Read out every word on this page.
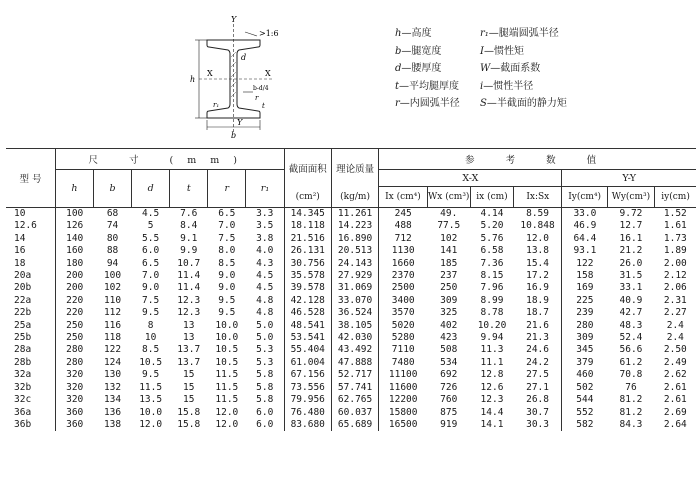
Y
>1:6
d
X	X
h
b-d/4
r
t
r₁
Y
b
h—高度
b—腿宽度
d—腰厚度
t—平均腿厚度
r—内圆弧半径
r₁—腿端圆弧半径
I—惯性矩
W—截面系数
i—惯性半径
S—半截面的静力矩
型 号	尺 寸 (mm)						截面面积	理论质量	参 考 数 值						
	h	b	d	t	r	r₁			X-X				Y-Y		
							(cm²)	(kg/m)	Ix (cm⁴)	Wx (cm³)	ix (cm)	Ix:Sx	Iy(cm⁴)	Wy(cm³)	iy(cm)
10	100	68	4.5	7.6	6.5	3.3	14.345	11.261	245	49.	4.14	8.59	33.0	9.72	1.52
12.6	126	74	5	8.4	7.0	3.5	18.118	14.223	488	77.5	5.20	10.848	46.9	12.7	1.61
14	140	80	5.5	9.1	7.5	3.8	21.516	16.890	712	102	5.76	12.0	64.4	16.1	1.73
16	160	88	6.0	9.9	8.0	4.0	26.131	20.513	1130	141	6.58	13.8	93.1	21.2	1.89
18	180	94	6.5	10.7	8.5	4.3	30.756	24.143	1660	185	7.36	15.4	122	26.0	2.00
20a	200	100	7.0	11.4	9.0	4.5	35.578	27.929	2370	237	8.15	17.2	158	31.5	2.12
20b	200	102	9.0	11.4	9.0	4.5	39.578	31.069	2500	250	7.96	16.9	169	33.1	2.06
22a	220	110	7.5	12.3	9.5	4.8	42.128	33.070	3400	309	8.99	18.9	225	40.9	2.31
22b	220	112	9.5	12.3	9.5	4.8	46.528	36.524	3570	325	8.78	18.7	239	42.7	2.27
25a	250	116	8	13	10.0	5.0	48.541	38.105	5020	402	10.20	21.6	280	48.3	2.4
25b	250	118	10	13	10.0	5.0	53.541	42.030	5280	423	9.94	21.3	309	52.4	2.4
28a	280	122	8.5	13.7	10.5	5.3	55.404	43.492	7110	508	11.3	24.6	345	56.6	2.50
28b	280	124	10.5	13.7	10.5	5.3	61.004	47.888	7480	534	11.1	24.2	379	61.2	2.49
32a	320	130	9.5	15	11.5	5.8	67.156	52.717	11100	692	12.8	27.5	460	70.8	2.62
32b	320	132	11.5	15	11.5	5.8	73.556	57.741	11600	726	12.6	27.1	502	76	2.61
32c	320	134	13.5	15	11.5	5.8	79.956	62.765	12200	760	12.3	26.8	544	81.2	2.61
36a	360	136	10.0	15.8	12.0	6.0	76.480	60.037	15800	875	14.4	30.7	552	81.2	2.69
36b	360	138	12.0	15.8	12.0	6.0	83.680	65.689	16500	919	14.1	30.3	582	84.3	2.64
